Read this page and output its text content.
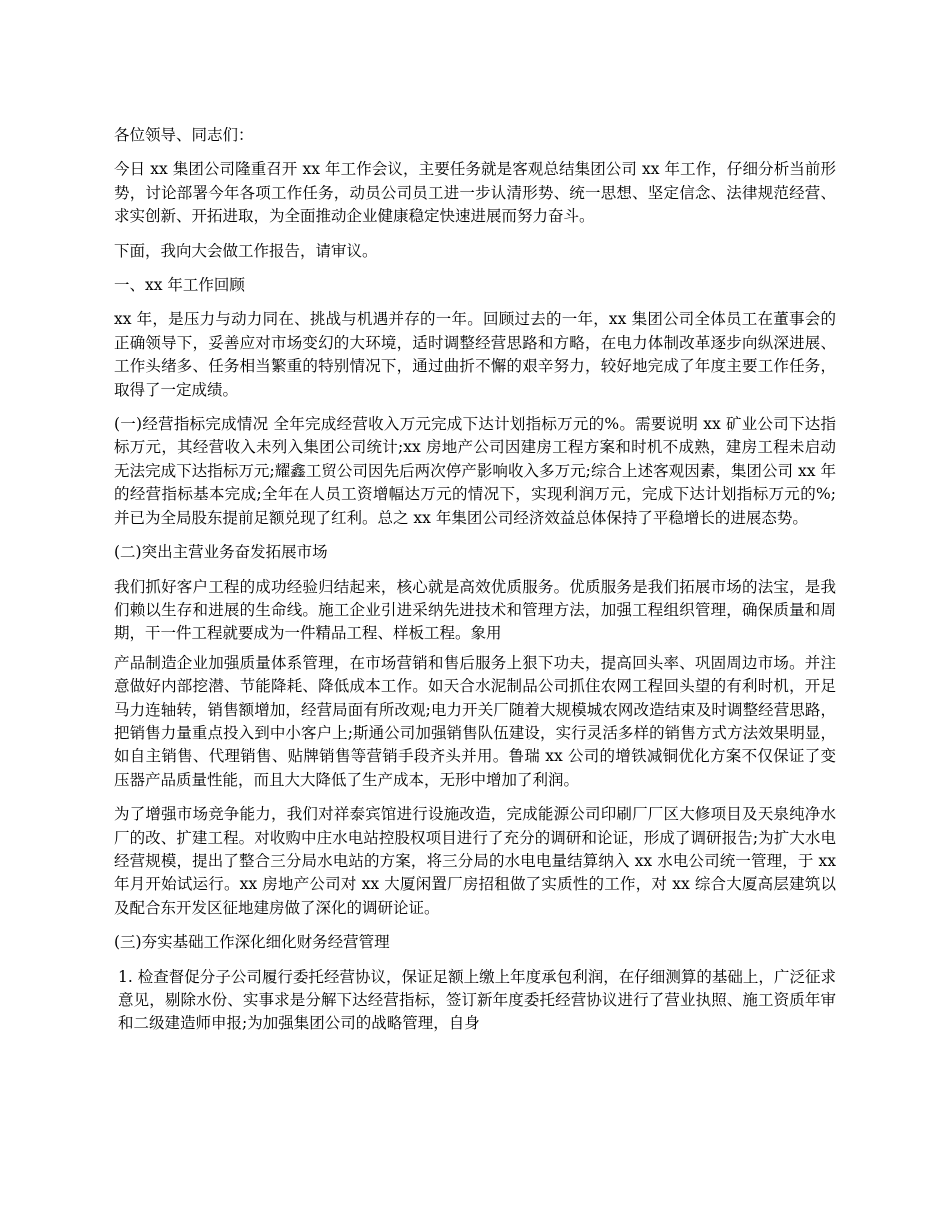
各位领导、同志们：

今日 xx 集团公司隆重召开 xx 年工作会议，主要任务就是客观总结集团公司 xx 年工作，仔细分析当前形势，讨论部署今年各项工作任务，动员公司员工进一步认清形势、统一思想、坚定信念、法律规范经营、求实创新、开拓进取，为全面推动企业健康稳定快速进展而努力奋斗。

下面，我向大会做工作报告，请审议。

一、xx 年工作回顾

xx 年，是压力与动力同在、挑战与机遇并存的一年。回顾过去的一年，xx 集团公司全体员工在董事会的正确领导下，妥善应对市场变幻的大环境，适时调整经营思路和方略，在电力体制改革逐步向纵深进展、工作头绪多、任务相当繁重的特别情况下，通过曲折不懈的艰辛努力，较好地完成了年度主要工作任务，取得了一定成绩。

(一)经营指标完成情况 全年完成经营收入万元完成下达计划指标万元的%。需要说明 xx 矿业公司下达指标万元，其经营收入未列入集团公司统计;xx 房地产公司因建房工程方案和时机不成熟，建房工程未启动无法完成下达指标万元;耀鑫工贸公司因先后两次停产影响收入多万元;综合上述客观因素，集团公司 xx 年的经营指标基本完成;全年在人员工资增幅达万元的情况下，实现利润万元，完成下达计划指标万元的%;并已为全局股东提前足额兑现了红利。总之 xx 年集团公司经济效益总体保持了平稳增长的进展态势。

(二)突出主营业务奋发拓展市场

我们抓好客户工程的成功经验归结起来，核心就是高效优质服务。优质服务是我们拓展市场的法宝，是我们赖以生存和进展的生命线。施工企业引进采纳先进技术和管理方法，加强工程组织管理，确保质量和周期，干一件工程就要成为一件精品工程、样板工程。象用

产品制造企业加强质量体系管理，在市场营销和售后服务上狠下功夫，提高回头率、巩固周边市场。并注意做好内部挖潜、节能降耗、降低成本工作。如天合水泥制品公司抓住农网工程回头望的有利时机，开足马力连轴转，销售额增加，经营局面有所改观;电力开关厂随着大规模城农网改造结束及时调整经营思路，把销售力量重点投入到中小客户上;斯通公司加强销售队伍建设，实行灵活多样的销售方式方法效果明显，如自主销售、代理销售、贴牌销售等营销手段齐头并用。鲁瑞 xx 公司的增铁减铜优化方案不仅保证了变压器产品质量性能，而且大大降低了生产成本，无形中增加了利润。

为了增强市场竞争能力，我们对祥泰宾馆进行设施改造，完成能源公司印刷厂厂区大修项目及天泉纯净水厂的改、扩建工程。对收购中庄水电站控股权项目进行了充分的调研和论证，形成了调研报告;为扩大水电经营规模，提出了整合三分局水电站的方案，将三分局的水电电量结算纳入 xx 水电公司统一管理，于 xx 年月开始试运行。xx 房地产公司对 xx 大厦闲置厂房招租做了实质性的工作，对 xx 综合大厦高层建筑以及配合东开发区征地建房做了深化的调研论证。

(三)夯实基础工作深化细化财务经营管理

1. 检查督促分子公司履行委托经营协议，保证足额上缴上年度承包利润，在仔细测算的基础上，广泛征求意见，剔除水份、实事求是分解下达经营指标，签订新年度委托经营协议进行了营业执照、施工资质年审和二级建造师申报;为加强集团公司的战略管理，自身
